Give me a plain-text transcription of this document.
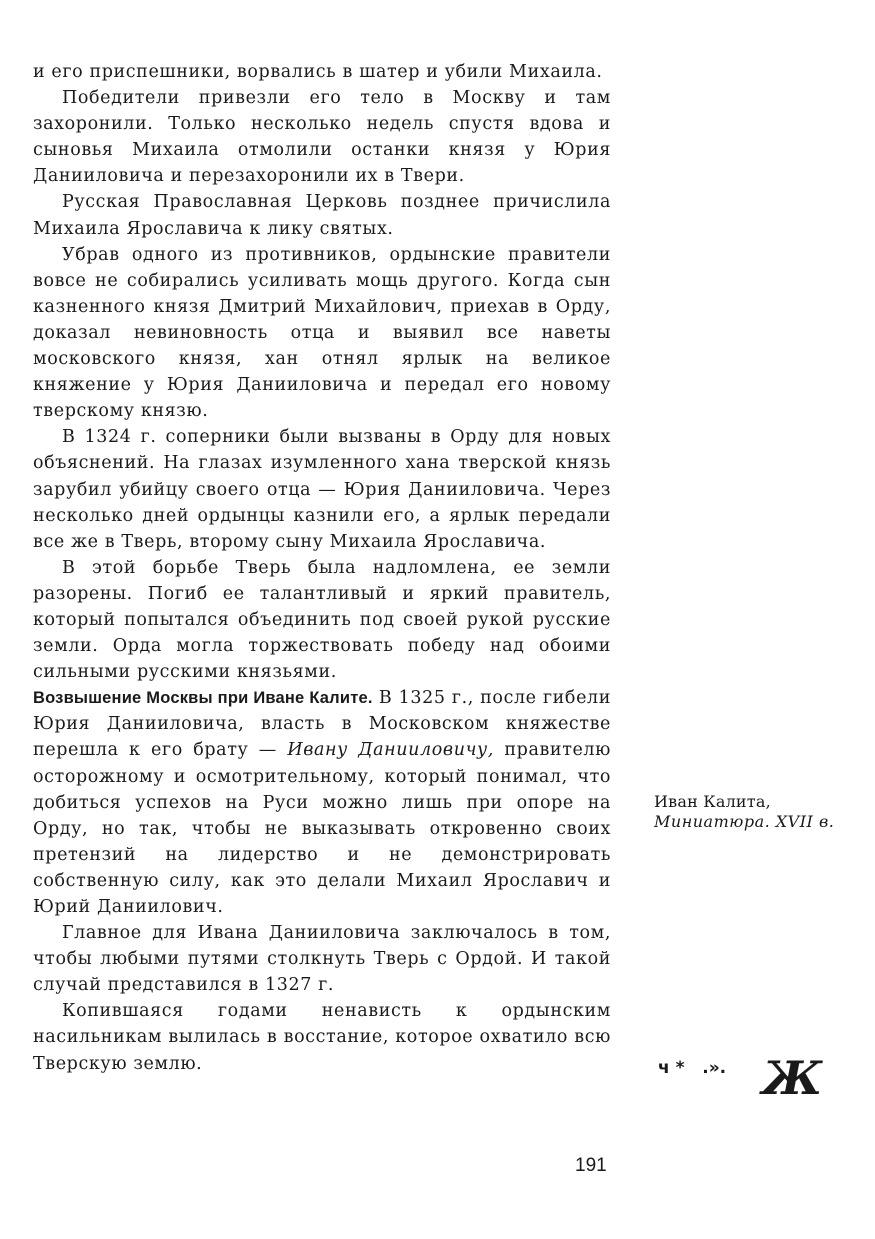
и его приспешники, ворвались в шатер и убили Михаила.

Победители привезли его тело в Москву и там захоронили. Только несколько недель спустя вдова и сыновья Михаила отмолили останки князя у Юрия Данииловича и перезахоронили их в Твери.

Русская Православная Церковь позднее причислила Михаила Ярославича к лику святых.

Убрав одного из противников, ордынские правители вовсе не собирались усиливать мощь другого. Когда сын казненного князя Дмитрий Михайлович, приехав в Орду, доказал невиновность отца и выявил все наветы московского князя, хан отнял ярлык на великое княжение у Юрия Данииловича и передал его новому тверскому князю.

В 1324 г. соперники были вызваны в Орду для новых объяснений. На глазах изумленного хана тверской князь зарубил убийцу своего отца — Юрия Данииловича. Через несколько дней ордынцы казнили его, а ярлык передали все же в Тверь, второму сыну Михаила Ярославича.

В этой борьбе Тверь была надломлена, ее земли разорены. Погиб ее талантливый и яркий правитель, который попытался объединить под своей рукой русские земли. Орда могла торжествовать победу над обоими сильными русскими князьями.

Возвышение Москвы при Иване Калите. В 1325 г., после гибели Юрия Данииловича, власть в Московском княжестве перешла к его брату — Ивану Данииловичу, правителю осторожному и осмотрительному, который понимал, что добиться успехов на Руси можно лишь при опоре на Орду, но так, чтобы не выказывать откровенно своих претензий на лидерство и не демонстрировать собственную силу, как это делали Михаил Ярославич и Юрий Даниилович.

Главное для Ивана Данииловича заключалось в том, чтобы любыми путями столкнуть Тверь с Ордой. И такой случай представился в 1327 г.

Копившаяся годами ненависть к ордынским насильникам вылилась в восстание, которое охватило всю Тверскую землю.

Иван Калита,
Миниатюра. XVII в.
ч *   .». Ж
191
